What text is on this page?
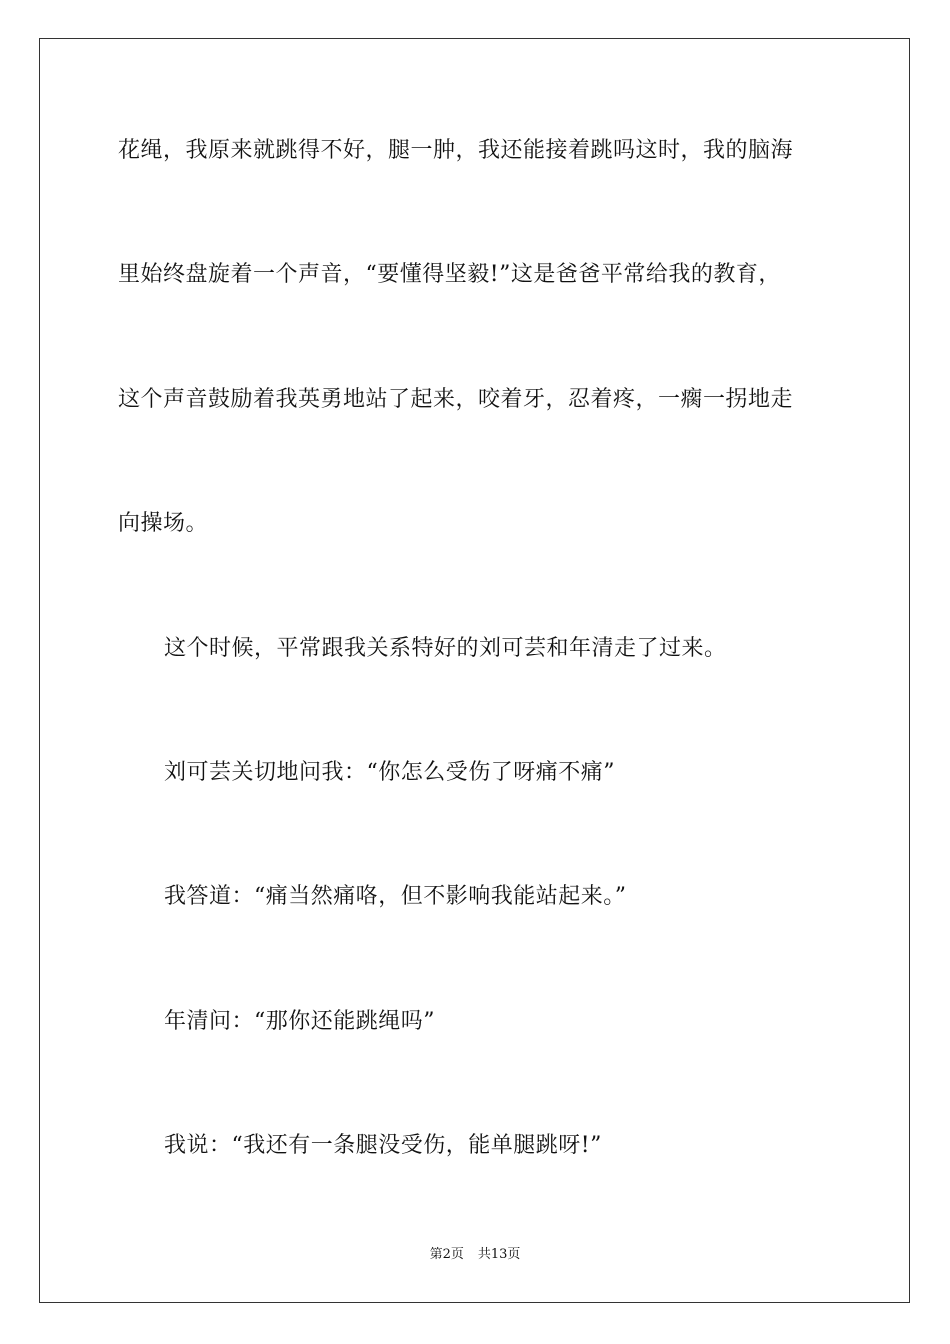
花绳，我原来就跳得不好，腿一肿，我还能接着跳吗这时，我的脑海
里始终盘旋着一个声音，“要懂得坚毅!”这是爸爸平常给我的教育，
这个声音鼓励着我英勇地站了起来，咬着牙，忍着疼，一瘸一拐地走
向操场。
这个时候，平常跟我关系特好的刘可芸和年清走了过来。
刘可芸关切地问我：“你怎么受伤了呀痛不痛”
我答道：“痛当然痛咯，但不影响我能站起来。”
年清问：“那你还能跳绳吗”
我说：“我还有一条腿没受伤，能单腿跳呀!”
第2页 共13页
